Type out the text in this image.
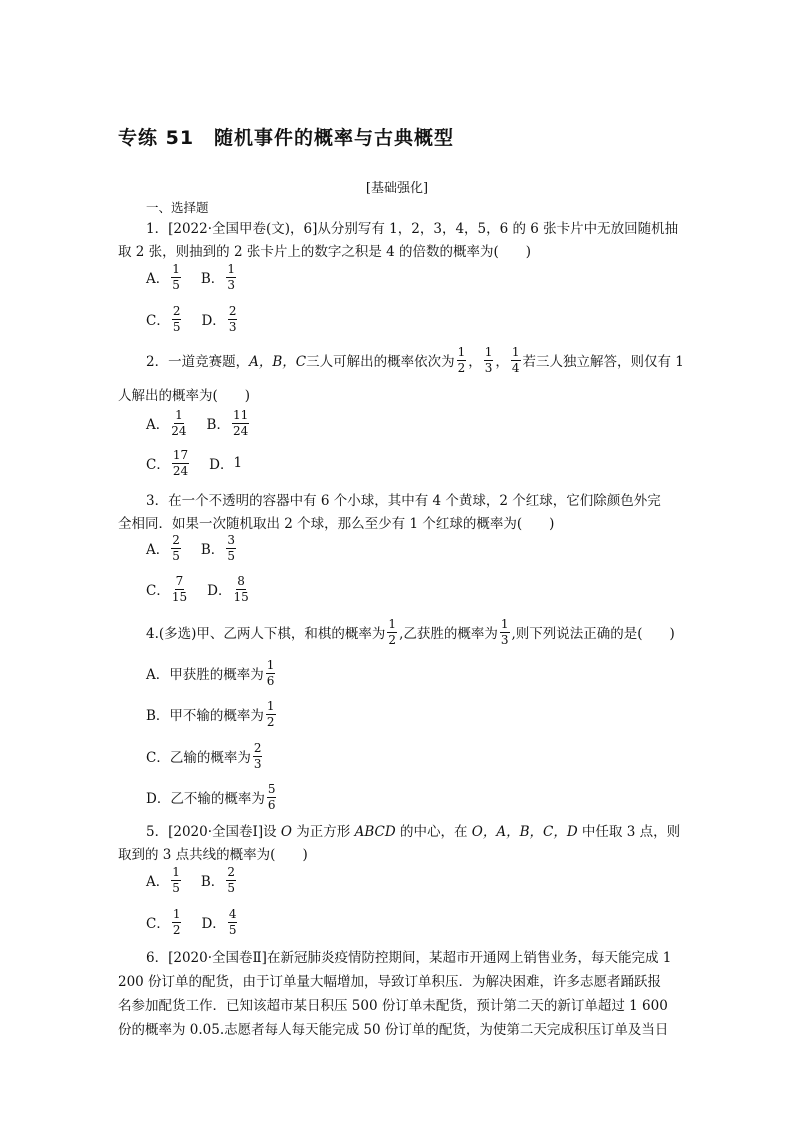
专练 51　随机事件的概率与古典概型
[基础强化]
一、选择题
1．[2022·全国甲卷(文)，6]从分别写有 1，2，3，4，5，6 的 6 张卡片中无放回随机抽
取 2 张，则抽到的 2 张卡片上的数字之积是 4 的倍数的概率为(　　)
A． $\frac{1}{5}$ B． $\frac{1}{3}$
C． $\frac{2}{5}$ D． $\frac{2}{3}$
2．一道竞赛题， A，B，C 三人可解出的概率依次为 $\frac{1}{2}$ ， $\frac{1}{3}$ ， $\frac{1}{4}$ 若三人独立解答，则仅有 1
人解出的概率为(　　)
A． $\frac{1}{24}$ B． $\frac{11}{24}$
C． $\frac{17}{24}$ D． 1
3．在一个不透明的容器中有 6 个小球，其中有 4 个黄球，2 个红球，它们除颜色外完
全相同．如果一次随机取出 2 个球，那么至少有 1 个红球的概率为(　　)
A． $\frac{2}{5}$ B． $\frac{3}{5}$
C． $\frac{7}{15}$ D． $\frac{8}{15}$
4.(多选)甲、乙两人下棋，和棋的概率为 $\frac{1}{2}$ ,乙获胜的概率为 $\frac{1}{3}$ ,则下列说法正确的是(　　)
A．甲获胜的概率为 $\frac{1}{6}$
B．甲不输的概率为 $\frac{1}{2}$
C．乙输的概率为 $\frac{2}{3}$
D．乙不输的概率为 $\frac{5}{6}$
5．[2020·全国卷Ⅰ]设 O 为正方形 ABCD 的中心，在 O，A，B，C，D 中任取 3 点，则
取到的 3 点共线的概率为(　　)
A． $\frac{1}{5}$ B． $\frac{2}{5}$
C． $\frac{1}{2}$ D． $\frac{4}{5}$
6．[2020·全国卷Ⅱ]在新冠肺炎疫情防控期间，某超市开通网上销售业务，每天能完成 1
200 份订单的配货，由于订单量大幅增加，导致订单积压．为解决困难，许多志愿者踊跃报
名参加配货工作．已知该超市某日积压 500 份订单未配货，预计第二天的新订单超过 1 600
份的概率为 0.05.志愿者每人每天能完成 50 份订单的配货，为使第二天完成积压订单及当日
